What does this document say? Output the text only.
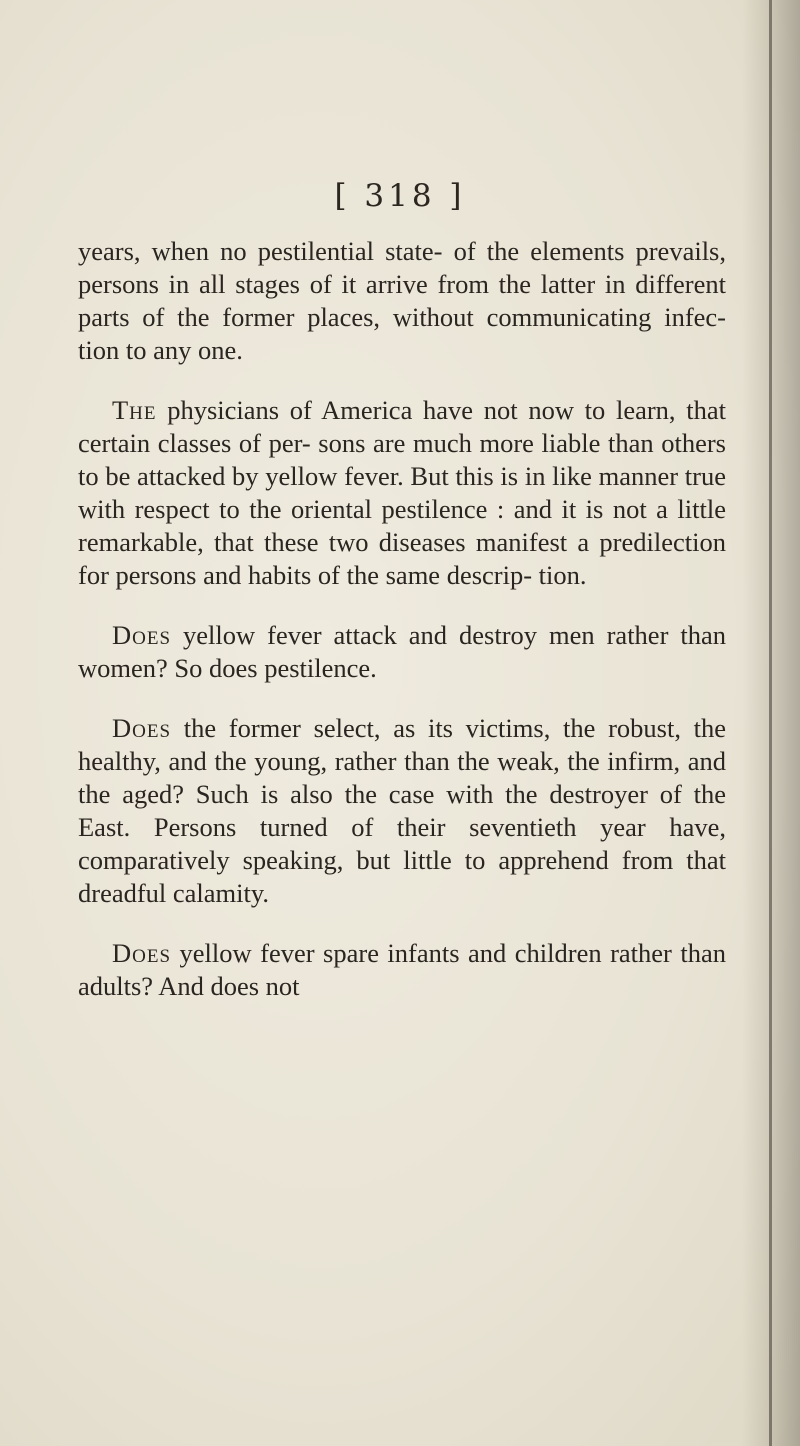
[ 318 ]

years, when no pestilential state- of the elements prevails, persons in all stages of it arrive from the latter in different parts of the former places, without communicating infec- tion to any one.

The physicians of America have not now to learn, that certain classes of per- sons are much more liable than others to be attacked by yellow fever. But this is in like manner true with respect to the oriental pestilence : and it is not a little remarkable, that these two diseases manifest a predilection for persons and habits of the same descrip- tion.

Does yellow fever attack and destroy men rather than women? So does pestilence.

Does the former select, as its victims, the robust, the healthy, and the young, rather than the weak, the infirm, and the aged? Such is also the case with the destroyer of the East. Persons turned of their seventieth year have, comparatively speaking, but little to apprehend from that dreadful calamity.

Does yellow fever spare infants and children rather than adults? And does not
